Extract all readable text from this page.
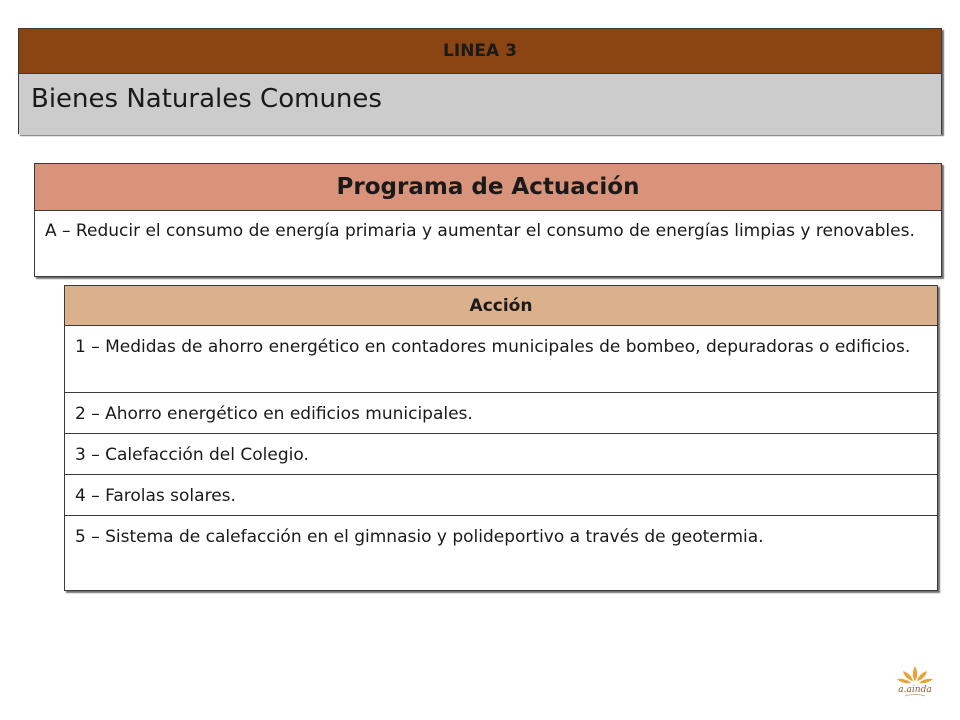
LINEA 3
Bienes Naturales Comunes
Programa de Actuación
A – Reducir el consumo de energía primaria y aumentar el consumo de energías limpias y renovables.
Acción
1 – Medidas de ahorro energético en contadores municipales de bombeo, depuradoras o edificios.
2 – Ahorro energético en edificios municipales.
3 – Calefacción del Colegio.
4 – Farolas solares.
5 – Sistema de calefacción en el gimnasio y polideportivo a través de geotermia.
a.ainda
